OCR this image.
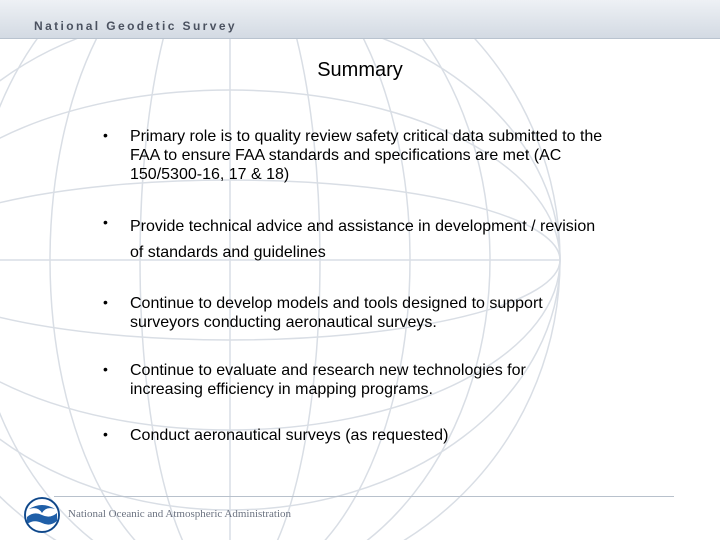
National Geodetic Survey
Summary
• Primary role is to quality review safety critical data submitted to the FAA to ensure FAA standards and specifications are met (AC 150/5300-16, 17 & 18)
• Provide technical advice and assistance in development / revision of standards and guidelines
• Continue to develop models and tools designed to support surveyors conducting aeronautical surveys.
• Continue to evaluate and research new technologies for increasing efficiency in mapping programs.
• Conduct aeronautical surveys (as requested)
National Oceanic and Atmospheric Administration
